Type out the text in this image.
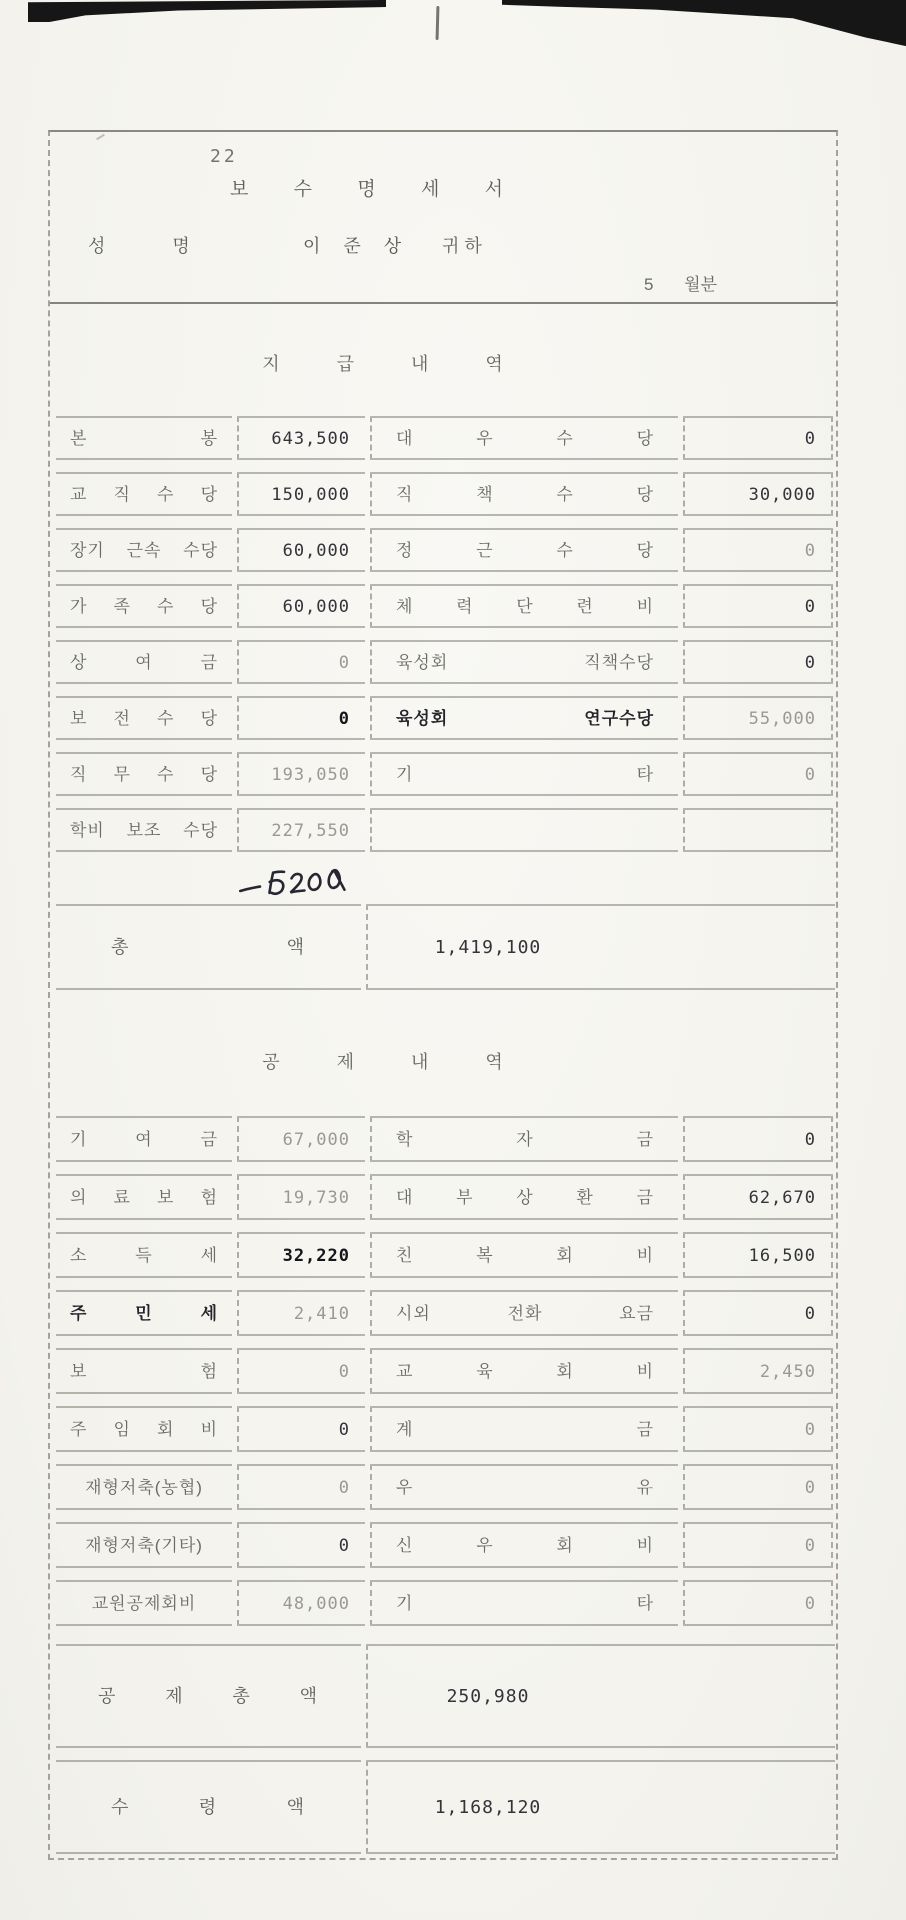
22
보 수 명 세 서
성 명	이 준 상 귀하
5 월분
지 급 내 역
본 봉	643,500	대 우 수 당	0
교 직 수 당	150,000	직 책 수 당	30,000
장기 근속 수당	60,000	정 근 수 당	0
가 족 수 당	60,000	체 력 단 련 비	0
상 여 금	0	육성회 직책수당	0
보 전 수 당	0	육성회 연구수당	55,000
직 무 수 당	193,050	기 타	0
학비 보조 수당	227,550
총 액	1,419,100
공 제 내 역
기 여 금	67,000	학 자 금	0
의 료 보 험	19,730	대 부 상 환 금	62,670
소 득 세	32,220	친 복 회 비	16,500
주 민 세	2,410	시외 전화 요금	0
보 험	0	교 육 회 비	2,450
주 임 회 비	0	계 금	0
재형저축(농협)	0	우 유	0
재형저축(기타)	0	신 우 회 비	0
교원공제회비	48,000	기 타	0
공 제 총 액	250,980
수 령 액	1,168,120
